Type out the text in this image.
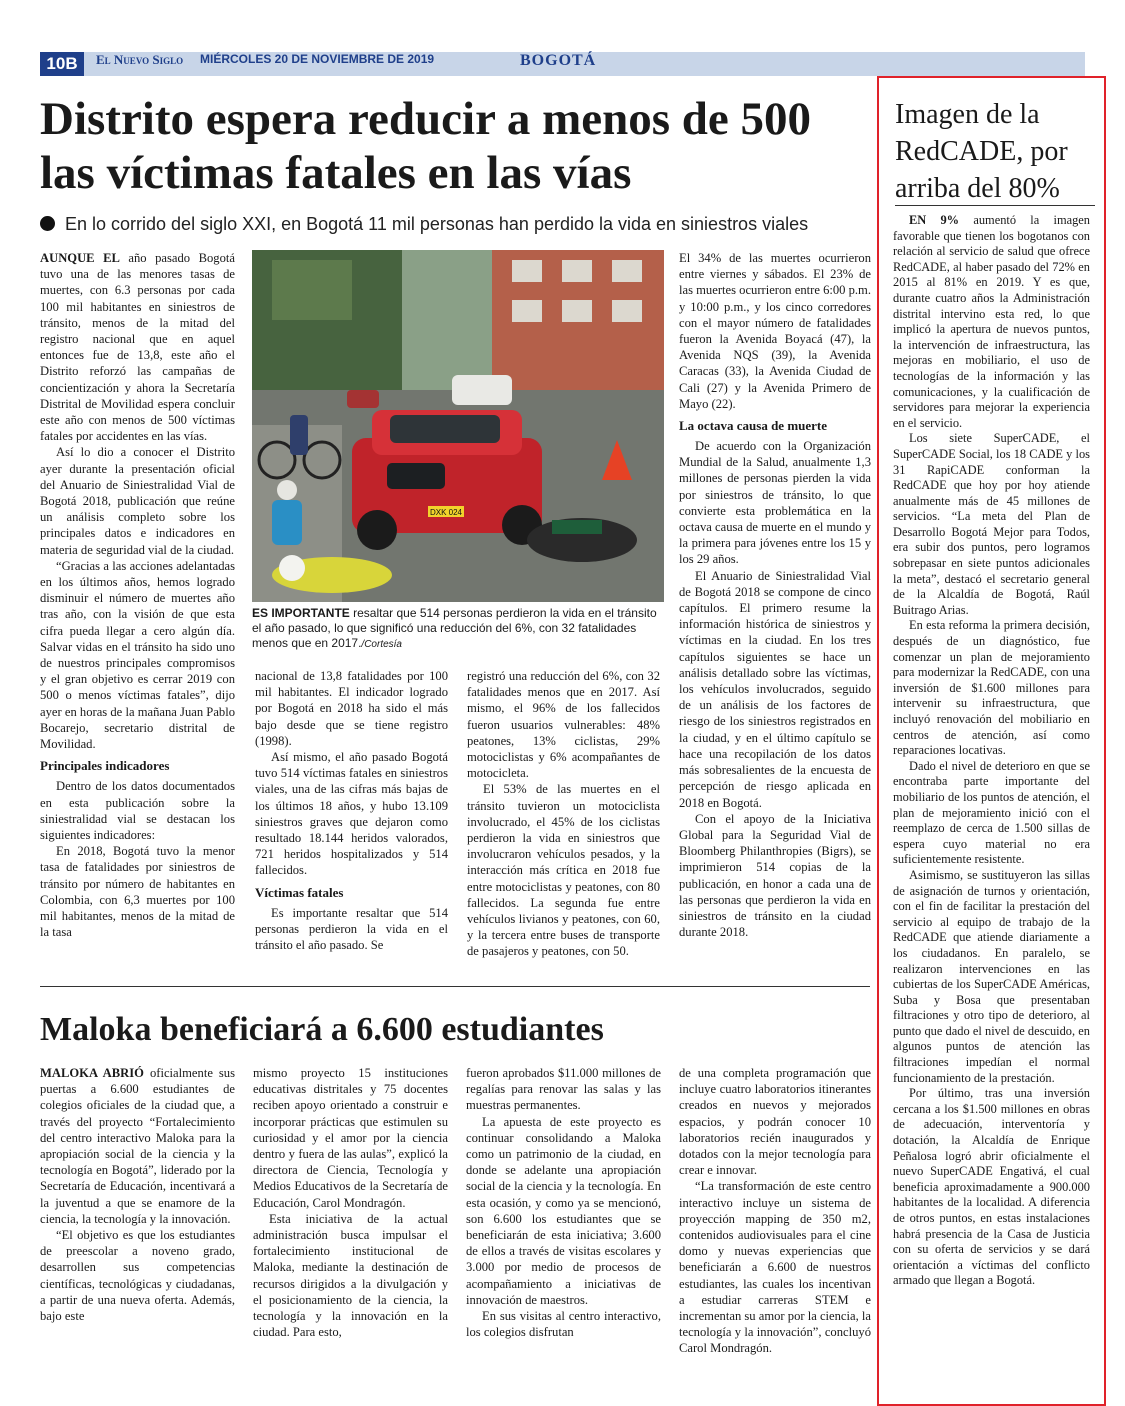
10B	El Nuevo Siglo MIÉRCOLES 20 DE NOVIEMBRE DE 2019	BOGOTÁ
Distrito espera reducir a menos de 500 las víctimas fatales en las vías
En lo corrido del siglo XXI, en Bogotá 11 mil personas han perdido la vida en siniestros viales

AUNQUE EL año pasado Bogotá tuvo una de las menores tasas de muertes, con 6.3 personas por cada 100 mil habitantes en siniestros de tránsito, menos de la mitad del registro nacional que en aquel entonces fue de 13,8, este año el Distrito reforzó las campañas de concientización y ahora la Secretaría Distrital de Movilidad espera concluir este año con menos de 500 víctimas fatales por accidentes en las vías.

Así lo dio a conocer el Distrito ayer durante la presentación oficial del Anuario de Siniestralidad Vial de Bogotá 2018, publicación que reúne un análisis completo sobre los principales datos e indicadores en materia de seguridad vial de la ciudad.

“Gracias a las acciones adelantadas en los últimos años, hemos logrado disminuir el número de muertes año tras año, con la visión de que esta cifra pueda llegar a cero algún día. Salvar vidas en el tránsito ha sido uno de nuestros principales compromisos y el gran objetivo es cerrar 2019 con 500 o menos víctimas fatales”, dijo ayer en horas de la mañana Juan Pablo Bocarejo, secretario distrital de Movilidad.

Principales indicadores

Dentro de los datos documentados en esta publicación sobre la siniestralidad vial se destacan los siguientes indicadores:

En 2018, Bogotá tuvo la menor tasa de fatalidades por siniestros de tránsito por número de habitantes en Colombia, con 6,3 muertes por 100 mil habitantes, menos de la mitad de la tasa

DXK 024
ES IMPORTANTE resaltar que 514 personas perdieron la vida en el tránsito el año pasado, lo que significó una reducción del 6%, con 32 fatalidades menos que en 2017./Cortesía

nacional de 13,8 fatalidades por 100 mil habitantes. El indicador logrado por Bogotá en 2018 ha sido el más bajo desde que se tiene registro (1998).

Así mismo, el año pasado Bogotá tuvo 514 víctimas fatales en siniestros viales, una de las cifras más bajas de los últimos 18 años, y hubo 13.109 siniestros graves que dejaron como resultado 18.144 heridos valorados, 721 heridos hospitalizados y 514 fallecidos.

Víctimas fatales

Es importante resaltar que 514 personas perdieron la vida en el tránsito el año pasado. Se

registró una reducción del 6%, con 32 fatalidades menos que en 2017. Así mismo, el 96% de los fallecidos fueron usuarios vulnerables: 48% peatones, 13% ciclistas, 29% motociclistas y 6% acompañantes de motocicleta.

El 53% de las muertes en el tránsito tuvieron un motociclista involucrado, el 45% de los ciclistas perdieron la vida en siniestros que involucraron vehículos pesados, y la interacción más crítica en 2018 fue entre motociclistas y peatones, con 80 fallecidos. La segunda fue entre vehículos livianos y peatones, con 60, y la tercera entre buses de transporte de pasajeros y peatones, con 50.

El 34% de las muertes ocurrieron entre viernes y sábados. El 23% de las muertes ocurrieron entre 6:00 p.m. y 10:00 p.m., y los cinco corredores con el mayor número de fatalidades fueron la Avenida Boyacá (47), la Avenida NQS (39), la Avenida Caracas (33), la Avenida Ciudad de Cali (27) y la Avenida Primero de Mayo (22).

La octava causa de muerte

De acuerdo con la Organización Mundial de la Salud, anualmente 1,3 millones de personas pierden la vida por siniestros de tránsito, lo que convierte esta problemática en la octava causa de muerte en el mundo y la primera para jóvenes entre los 15 y los 29 años.

El Anuario de Siniestralidad Vial de Bogotá 2018 se compone de cinco capítulos. El primero resume la información histórica de siniestros y víctimas en la ciudad. En los tres capítulos siguientes se hace un análisis detallado sobre las víctimas, los vehículos involucrados, seguido de un análisis de los factores de riesgo de los siniestros registrados en la ciudad, y en el último capítulo se hace una recopilación de los datos más sobresalientes de la encuesta de percepción de riesgo aplicada en 2018 en Bogotá.

Con el apoyo de la Iniciativa Global para la Seguridad Vial de Bloomberg Philanthropies (Bigrs), se imprimieron 514 copias de la publicación, en honor a cada una de las personas que perdieron la vida en siniestros de tránsito en la ciudad durante 2018.

Maloka beneficiará a 6.600 estudiantes

MALOKA ABRIÓ oficialmente sus puertas a 6.600 estudiantes de colegios oficiales de la ciudad que, a través del proyecto “Fortalecimiento del centro interactivo Maloka para la apropiación social de la ciencia y la tecnología en Bogotá”, liderado por la Secretaría de Educación, incentivará a la juventud a que se enamore de la ciencia, la tecnología y la innovación.

“El objetivo es que los estudiantes de preescolar a noveno grado, desarrollen sus competencias científicas, tecnológicas y ciudadanas, a partir de una nueva oferta. Además, bajo este

mismo proyecto 15 instituciones educativas distritales y 75 docentes reciben apoyo orientado a construir e incorporar prácticas que estimulen su curiosidad y el amor por la ciencia dentro y fuera de las aulas”, explicó la directora de Ciencia, Tecnología y Medios Educativos de la Secretaría de Educación, Carol Mondragón.

Esta iniciativa de la actual administración busca impulsar el fortalecimiento institucional de Maloka, mediante la destinación de recursos dirigidos a la divulgación y el posicionamiento de la ciencia, la tecnología y la innovación en la ciudad. Para esto,

fueron aprobados $11.000 millones de regalías para renovar las salas y las muestras permanentes.

La apuesta de este proyecto es continuar consolidando a Maloka como un patrimonio de la ciudad, en donde se adelante una apropiación social de la ciencia y la tecnología. En esta ocasión, y como ya se mencionó, son 6.600 los estudiantes que se beneficiarán de esta iniciativa; 3.600 de ellos a través de visitas escolares y 3.000 por medio de procesos de acompañamiento a iniciativas de innovación de maestros.

En sus visitas al centro interactivo, los colegios disfrutan

de una completa programación que incluye cuatro laboratorios itinerantes creados en nuevos y mejorados espacios, y podrán conocer 10 laboratorios recién inaugurados y dotados con la mejor tecnología para crear e innovar.

“La transformación de este centro interactivo incluye un sistema de proyección mapping de 350 m2, contenidos audiovisuales para el cine domo y nuevas experiencias que beneficiarán a 6.600 de nuestros estudiantes, las cuales los incentivan a estudiar carreras STEM e incrementan su amor por la ciencia, la tecnología y la innovación”, concluyó Carol Mondragón.

Imagen de la RedCADE, por arriba del 80%

EN 9% aumentó la imagen favorable que tienen los bogotanos con relación al servicio de salud que ofrece RedCADE, al haber pasado del 72% en 2015 al 81% en 2019. Y es que, durante cuatro años la Administración distrital intervino esta red, lo que implicó la apertura de nuevos puntos, la intervención de infraestructura, las mejoras en mobiliario, el uso de tecnologías de la información y las comunicaciones, y la cualificación de servidores para mejorar la experiencia en el servicio.

Los siete SuperCADE, el SuperCADE Social, los 18 CADE y los 31 RapiCADE conforman la RedCADE que hoy por hoy atiende anualmente más de 45 millones de servicios. “La meta del Plan de Desarrollo Bogotá Mejor para Todos, era subir dos puntos, pero logramos sobrepasar en siete puntos adicionales la meta”, destacó el secretario general de la Alcaldía de Bogotá, Raúl Buitrago Arias.

En esta reforma la primera decisión, después de un diagnóstico, fue comenzar un plan de mejoramiento para modernizar la RedCADE, con una inversión de $1.600 millones para intervenir su infraestructura, que incluyó renovación del mobiliario en centros de atención, así como reparaciones locativas.

Dado el nivel de deterioro en que se encontraba parte importante del mobiliario de los puntos de atención, el plan de mejoramiento inició con el reemplazo de cerca de 1.500 sillas de espera cuyo material no era suficientemente resistente.

Asimismo, se sustituyeron las sillas de asignación de turnos y orientación, con el fin de facilitar la prestación del servicio al equipo de trabajo de la RedCADE que atiende diariamente a los ciudadanos. En paralelo, se realizaron intervenciones en las cubiertas de los SuperCADE Américas, Suba y Bosa que presentaban filtraciones y otro tipo de deterioro, al punto que dado el nivel de descuido, en algunos puntos de atención las filtraciones impedían el normal funcionamiento de la prestación.

Por último, tras una inversión cercana a los $1.500 millones en obras de adecuación, interventoría y dotación, la Alcaldía de Enrique Peñalosa logró abrir oficialmente el nuevo SuperCADE Engativá, el cual beneficia aproximadamente a 900.000 habitantes de la localidad. A diferencia de otros puntos, en estas instalaciones habrá presencia de la Casa de Justicia con su oferta de servicios y se dará orientación a víctimas del conflicto armado que llegan a Bogotá.
